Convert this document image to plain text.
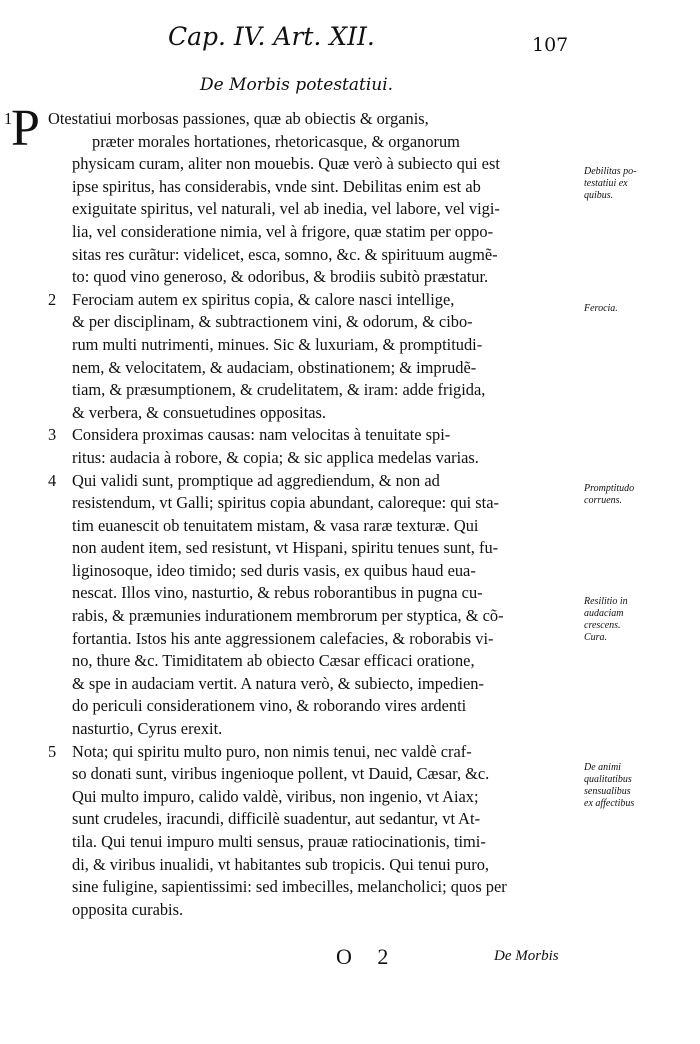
Cap. IV. Art. XII.	107
De Morbis potestatiui.
P
1 Otestatiui morbosas passiones, quæ ab obiectis & organis,
præter morales hortationes, rhetoricasque, & organorum
physicam curam, aliter non mouebis. Quæ verò à subiecto qui est
ipse spiritus, has considerabis, vnde sint. Debilitas enim est ab
exiguitate spiritus, vel naturali, vel ab inedia, vel labore, vel vigi-
lia, vel consideratione nimia, vel à frigore, quæ statim per oppo-
sitas res curãtur: videlicet, esca, somno, &c. & spirituum augmẽ-
to: quod vino generoso, & odoribus, & brodiis subitò præstatur.
2 Ferociam autem ex spiritus copia, & calore nasci intellige,
& per disciplinam, & subtractionem vini, & odorum, & cibo-
rum multi nutrimenti, minues. Sic & luxuriam, & promptitudi-
nem, & velocitatem, & audaciam, obstinationem; & imprudẽ-
tiam, & præsumptionem, & crudelitatem, & iram: adde frigida,
& verbera, & consuetudines oppositas.
3 Considera proximas causas: nam velocitas à tenuitate spi-
ritus: audacia à robore, & copia; & sic applica medelas varias.
4 Qui validi sunt, promptique ad aggrediendum, & non ad
resistendum, vt Galli; spiritus copia abundant, caloreque: qui sta-
tim euanescit ob tenuitatem mistam, & vasa raræ texturæ. Qui
non audent item, sed resistunt, vt Hispani, spiritu tenues sunt, fu-
liginosoque, ideo timido; sed duris vasis, ex quibus haud eua-
nescat. Illos vino, nasturtio, & rebus roborantibus in pugna cu-
rabis, & præmunies indurationem membrorum per styptica, & cõ-
fortantia. Istos his ante aggressionem calefacies, & roborabis vi-
no, thure &c. Timiditatem ab obiecto Cæsar efficaci oratione,
& spe in audaciam vertit. A natura verò, & subiecto, impedien-
do periculi considerationem vino, & roborando vires ardenti
nasturtio, Cyrus erexit.
5 Nota; qui spiritu multo puro, non nimis tenui, nec valdè craf-
so donati sunt, viribus ingenioque pollent, vt Dauid, Cæsar, &c.
Qui multo impuro, calido valdè, viribus, non ingenio, vt Aiax;
sunt crudeles, iracundi, difficilè suadentur, aut sedantur, vt At-
tila. Qui tenui impuro multi sensus, prauæ ratiocinationis, timi-
di, & viribus inualidi, vt habitantes sub tropicis. Qui tenui puro,
sine fuligine, sapientissimi: sed imbecilles, melancholici; quos per
opposita curabis.
Debilitas po-
testatiui ex
quibus.
Ferocia.
Promptitudo
corruens.
Resilitio in
audaciam
crescens.
Cura.
De animi
qualitatibus
sensualibus
ex affectibus
O 2	De Morbis
